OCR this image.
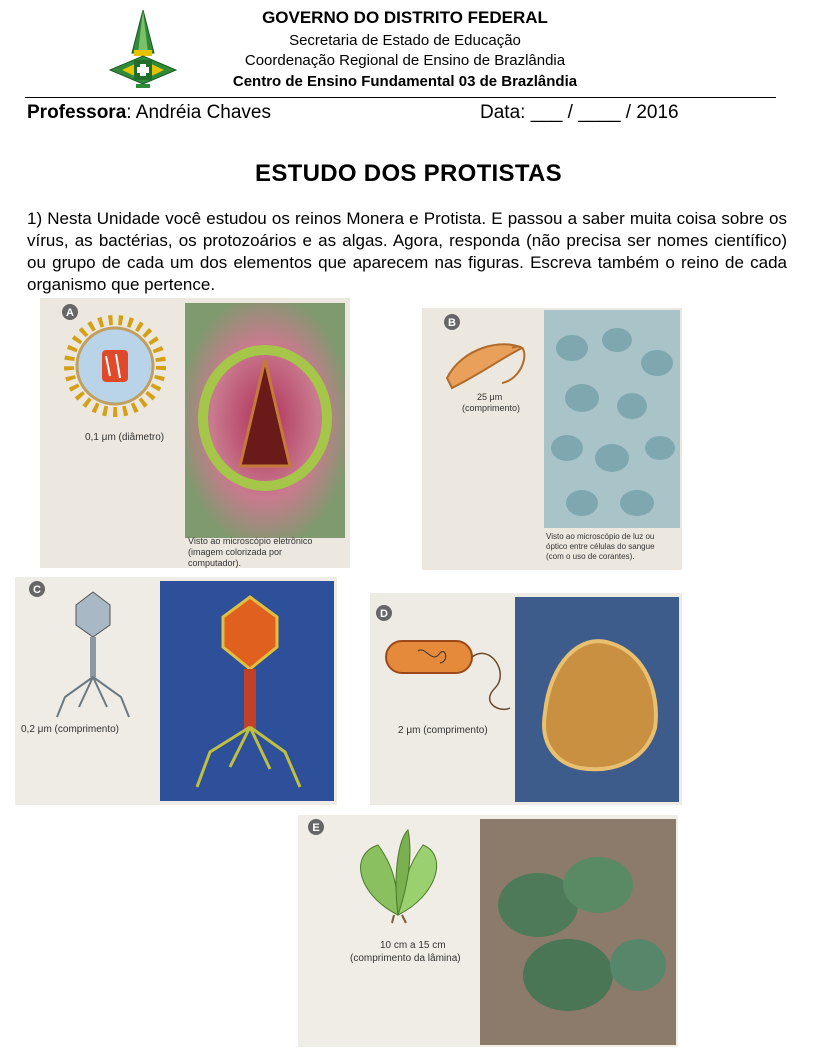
GOVERNO DO DISTRITO FEDERAL
Secretaria de Estado de Educação
Coordenação Regional de Ensino de Brazlândia
Centro de Ensino Fundamental 03 de Brazlândia
Professora: Andréia Chaves	Data: ___ / ____ / 2016
ESTUDO DOS PROTISTAS
1) Nesta Unidade você estudou os reinos Monera e Protista. E passou a saber muita coisa sobre os vírus, as bactérias, os protozoários e as algas. Agora, responda (não precisa ser nomes científico) ou grupo de cada um dos elementos que aparecem nas figuras. Escreva também o reino de cada organismo que pertence.
A
0,1 μm (diâmetro)
Visto ao microscópio eletrônico
(imagem colorizada por
computador).
B
25 μm
(comprimento)
Visto ao microscópio de luz ou
óptico entre células do sangue
(com o uso de corantes).
C
0,2 μm (comprimento)
D
2 μm (comprimento)
E
10 cm a 15 cm
(comprimento da lâmina)
